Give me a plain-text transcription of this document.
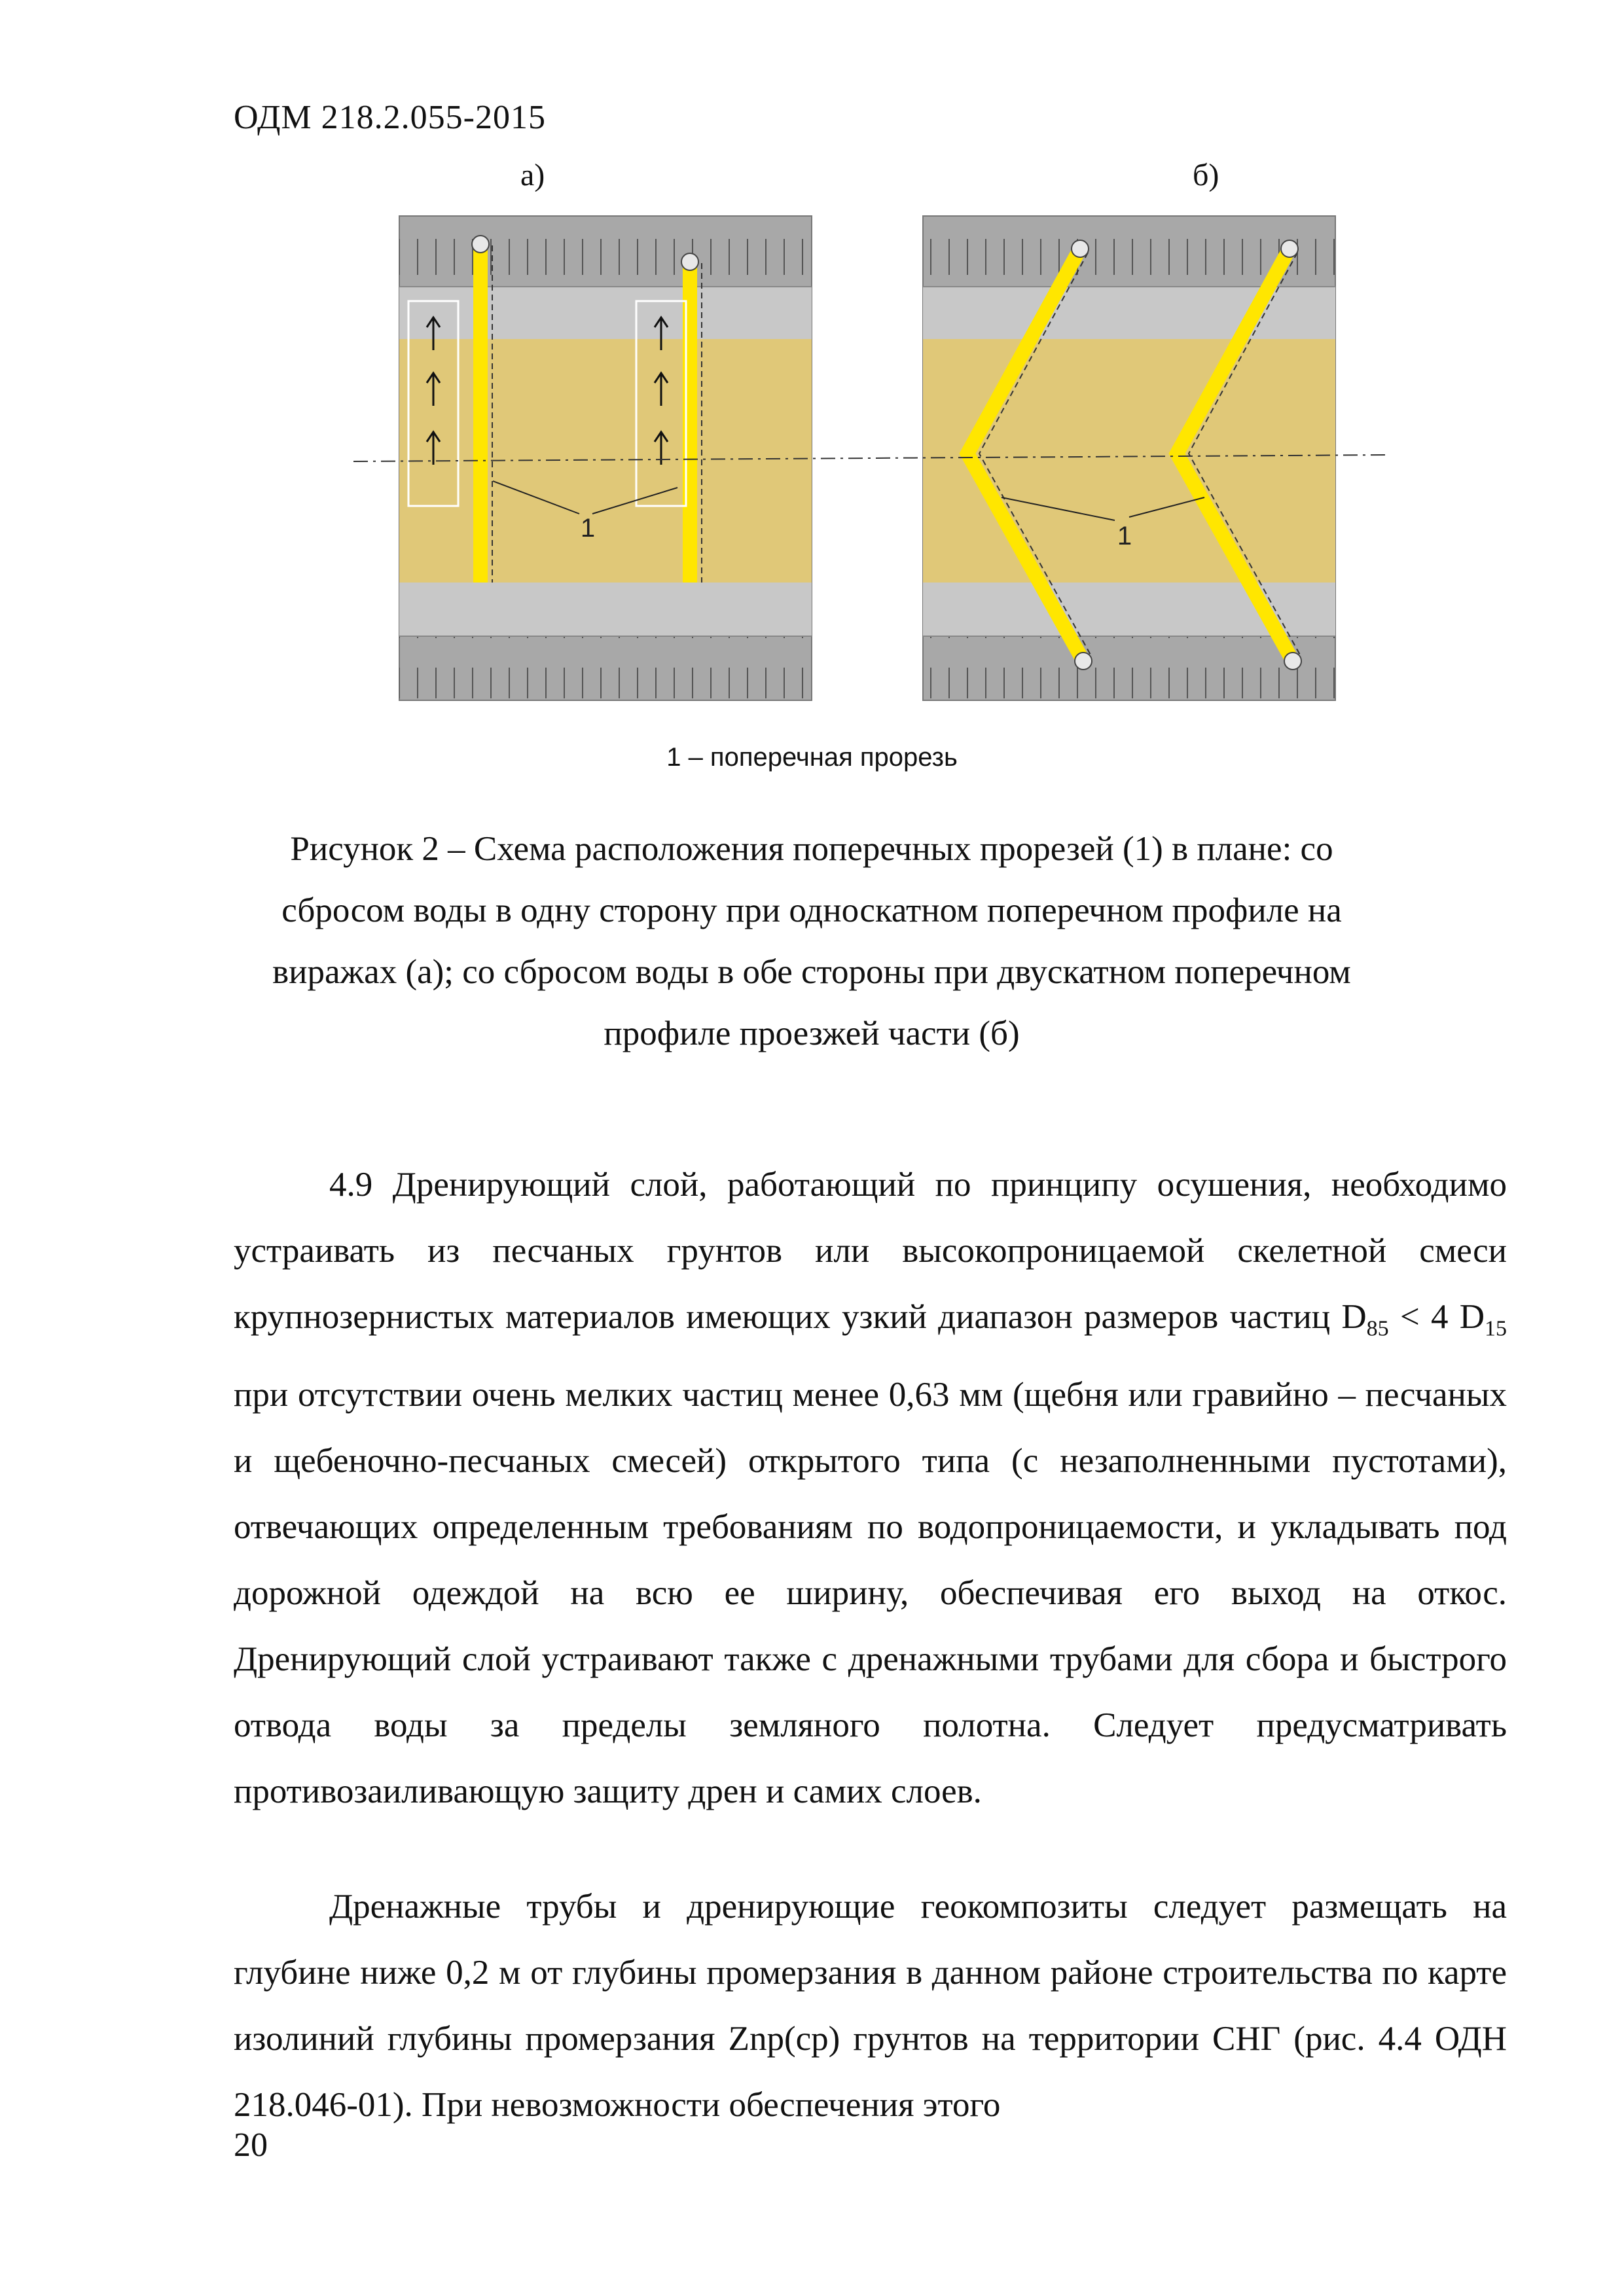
ОДМ 218.2.055-2015
а)	б)
1	1
1 – поперечная прорезь
Рисунок 2 – Схема расположения поперечных прорезей (1) в плане: со сбросом воды в одну сторону при односкатном поперечном профиле на виражах (а); со сбросом воды в обе стороны при двускатном поперечном профиле проезжей части (б)

4.9 Дренирующий слой, работающий по принципу осушения, необходимо устраивать из песчаных грунтов или высокопроницаемой скелетной смеси крупнозернистых материалов имеющих узкий диапазон размеров частиц $D_{85} < 4$ $D_{15}$ при отсутствии очень мелких частиц менее 0,63 мм (щебня или гравийно – песчаных и щебеночно-песчаных смесей) открытого типа (с незаполненными пустотами), отвечающих определенным требованиям по водопроницаемости, и укладывать под дорожной одеждой на всю ее ширину, обеспечивая его выход на откос. Дренирующий слой устраивают также с дренажными трубами для сбора и быстрого отвода воды за пределы земляного полотна. Следует предусматривать противозаиливающую защиту дрен и самих слоев.

Дренажные трубы и дренирующие геокомпозиты следует размещать на глубине ниже 0,2 м от глубины промерзания в данном районе строительства по карте изолиний глубины промерзания Znp(cp) грунтов на территории СНГ (рис. 4.4 ОДН 218.046-01). При невозможности обеспечения этого

20
